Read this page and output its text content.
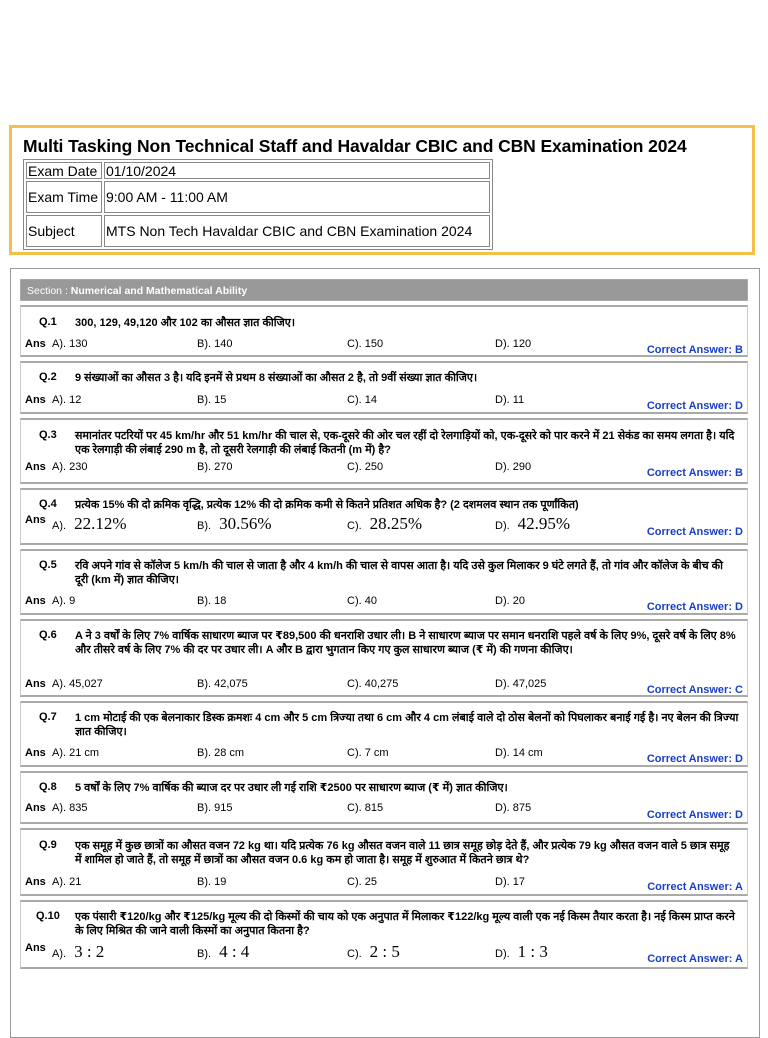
Multi Tasking Non Technical Staff and Havaldar CBIC and CBN Examination 2024
Exam Date	01/10/2024
Exam Time	9:00 AM - 11:00 AM
Subject	MTS Non Tech Havaldar CBIC and CBN Examination 2024
Section : Numerical and Mathematical Ability
Q.1 300, 129, 49,120 और 102 का औसत ज्ञात कीजिए।
Ans A). 130	B). 140	C). 150	D). 120	Correct Answer: B
Q.2 9 संख्याओं का औसत 3 है। यदि इनमें से प्रथम 8 संख्याओं का औसत 2 है, तो 9वीं संख्या ज्ञात कीजिए।
Ans A). 12	B). 15	C). 14	D). 11	Correct Answer: D
Q.3 समानांतर पटरियों पर 45 km/hr और 51 km/hr की चाल से, एक-दूसरे की ओर चल रहीं दो रेलगाड़ियों को, एक-दूसरे को पार करने में 21 सेकंड का समय लगता है। यदि एक रेलगाड़ी की लंबाई 290 m है, तो दूसरी रेलगाड़ी की लंबाई कितनी (m में) है?
Ans A). 230	B). 270	C). 250	D). 290	Correct Answer: B
Q.4 प्रत्येक 15% की दो क्रमिक वृद्धि, प्रत्येक 12% की दो क्रमिक कमी से कितने प्रतिशत अधिक है? (2 दशमलव स्थान तक पूर्णांकित)
Ans A). 22.12%	B). 30.56%	C). 28.25%	D). 42.95%	Correct Answer: D
Q.5 रवि अपने गांव से कॉलेज 5 km/h की चाल से जाता है और 4 km/h की चाल से वापस आता है। यदि उसे कुल मिलाकर 9 घंटे लगते हैं, तो गांव और कॉलेज के बीच की दूरी (km में) ज्ञात कीजिए।
Ans A). 9	B). 18	C). 40	D). 20	Correct Answer: D
Q.6 A ने 3 वर्षों के लिए 7% वार्षिक साधारण ब्याज पर ₹89,500 की धनराशि उधार ली। B ने साधारण ब्याज पर समान धनराशि पहले वर्ष के लिए 9%, दूसरे वर्ष के लिए 8% और तीसरे वर्ष के लिए 7% की दर पर उधार ली। A और B द्वारा भुगतान किए गए कुल साधारण ब्याज (₹ में) की गणना कीजिए।
Ans A). 45,027	B). 42,075	C). 40,275	D). 47,025	Correct Answer: C
Q.7 1 cm मोटाई की एक बेलनाकार डिस्क क्रमशः 4 cm और 5 cm त्रिज्या तथा 6 cm और 4 cm लंबाई वाले दो ठोस बेलनों को पिघलाकर बनाई गई है। नए बेलन की त्रिज्या ज्ञात कीजिए।
Ans A). 21 cm	B). 28 cm	C). 7 cm	D). 14 cm	Correct Answer: D
Q.8 5 वर्षों के लिए 7% वार्षिक की ब्याज दर पर उधार ली गई राशि ₹2500 पर साधारण ब्याज (₹ में) ज्ञात कीजिए।
Ans A). 835	B). 915	C). 815	D). 875
Correct Answer: D
Q.9 एक समूह में कुछ छात्रों का औसत वजन 72 kg था। यदि प्रत्येक 76 kg औसत वजन वाले 11 छात्र समूह छोड़ देते हैं, और प्रत्येक 79 kg औसत वजन वाले 5 छात्र समूह में शामिल हो जाते हैं, तो समूह में छात्रों का औसत वजन 0.6 kg कम हो जाता है। समूह में शुरुआत में कितने छात्र थे?
Ans A). 21	B). 19	C). 25	D). 17	Correct Answer: A
Q.10 एक पंसारी ₹120/kg और ₹125/kg मूल्य की दो किस्मों की चाय को एक अनुपात में मिलाकर ₹122/kg मूल्य वाली एक नई किस्म तैयार करता है। नई किस्म प्राप्त करने के लिए मिश्रित की जाने वाली किस्मों का अनुपात कितना है?
Ans A). 3 : 2	B). 4 : 4	C). 2 : 5	D). 1 : 3	Correct Answer: A
